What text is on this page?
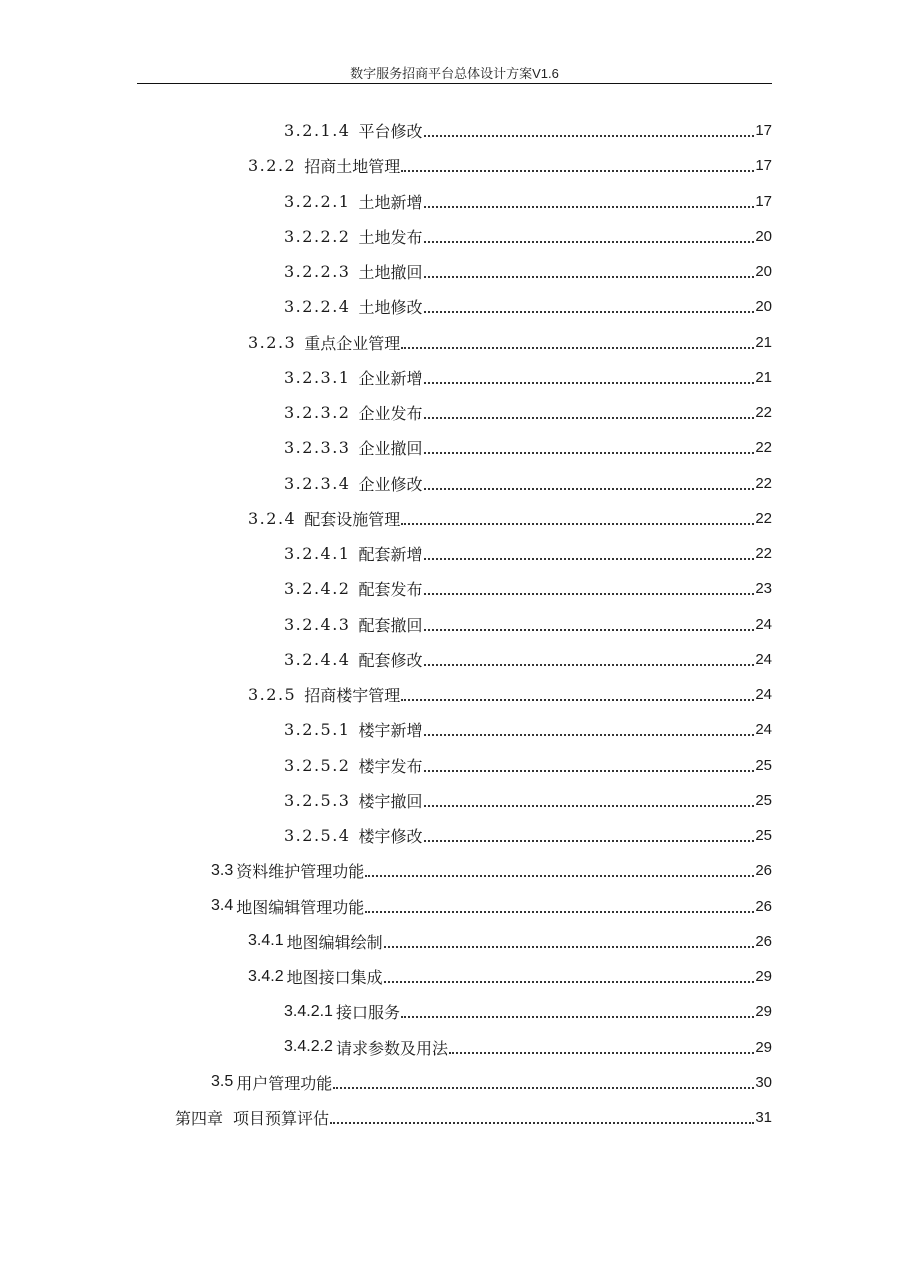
数字服务招商平台总体设计方案V1.6
3.2.1.4 平台修改	17
3.2.2 招商土地管理	17
3.2.2.1 土地新增	17
3.2.2.2 土地发布	20
3.2.2.3 土地撤回	20
3.2.2.4 土地修改	20
3.2.3 重点企业管理	21
3.2.3.1 企业新增	21
3.2.3.2 企业发布	22
3.2.3.3 企业撤回	22
3.2.3.4 企业修改	22
3.2.4 配套设施管理	22
3.2.4.1 配套新增	22
3.2.4.2 配套发布	23
3.2.4.3 配套撤回	24
3.2.4.4 配套修改	24
3.2.5 招商楼宇管理	24
3.2.5.1 楼宇新增	24
3.2.5.2 楼宇发布	25
3.2.5.3 楼宇撤回	25
3.2.5.4 楼宇修改	25
3.3 资料维护管理功能	26
3.4 地图编辑管理功能	26
3.4.1 地图编辑绘制	26
3.4.2 地图接口集成	29
3.4.2.1 接口服务	29
3.4.2.2 请求参数及用法	29
3.5 用户管理功能	30
第四章 项目预算评估	31
